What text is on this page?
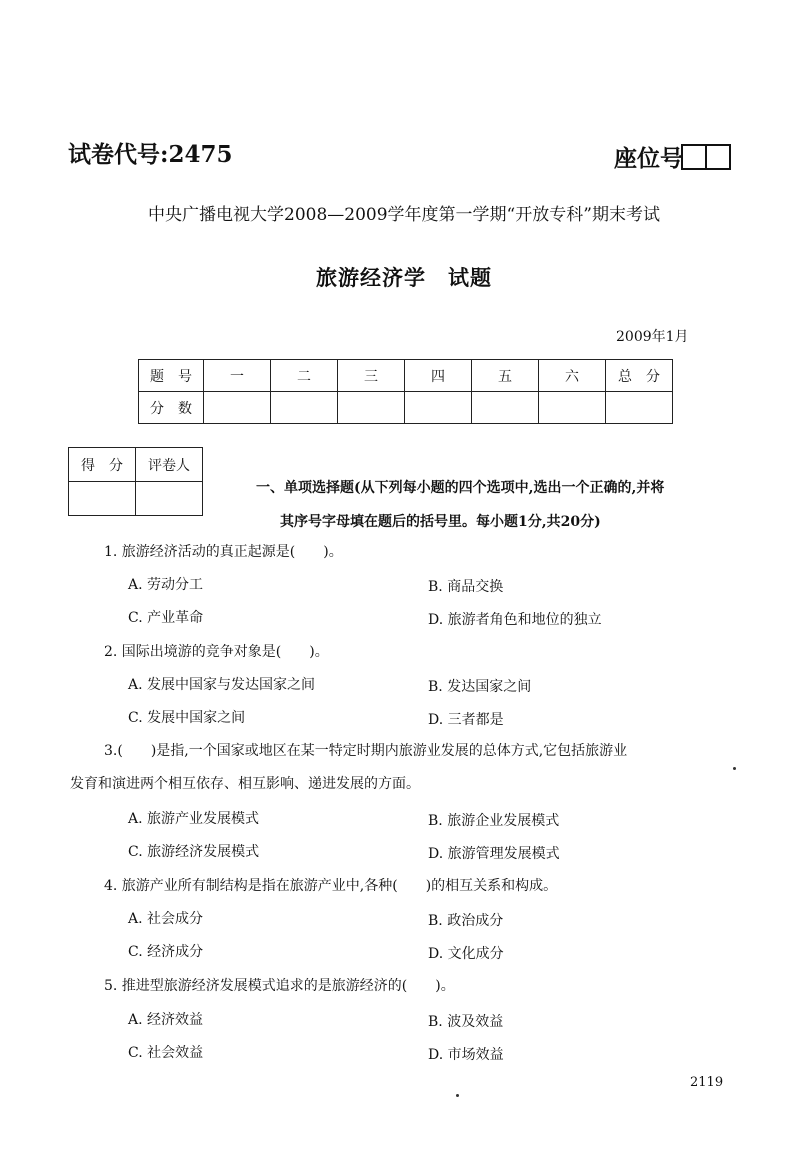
试卷代号:2475	座位号
中央广播电视大学2008—2009学年度第一学期“开放专科”期末考试
旅游经济学　试题
2009年1月
题　号	一	二	三	四	五	六	总　分
分　数							
得　分	评卷人

一、单项选择题(从下列每小题的四个选项中,选出一个正确的,并将
其序号字母填在题后的括号里。每小题1分,共20分)
1. 旅游经济活动的真正起源是(　　)。
A. 劳动分工	B. 商品交换
C. 产业革命	D. 旅游者角色和地位的独立
2. 国际出境游的竞争对象是(　　)。
A. 发展中国家与发达国家之间	B. 发达国家之间
C. 发展中国家之间	D. 三者都是
3.(　　)是指,一个国家或地区在某一特定时期内旅游业发展的总体方式,它包括旅游业
发育和演进两个相互依存、相互影响、递进发展的方面。
A. 旅游产业发展模式	B. 旅游企业发展模式
C. 旅游经济发展模式	D. 旅游管理发展模式
4. 旅游产业所有制结构是指在旅游产业中,各种(　　)的相互关系和构成。
A. 社会成分	B. 政治成分
C. 经济成分	D. 文化成分
5. 推进型旅游经济发展模式追求的是旅游经济的(　　)。
A. 经济效益	B. 波及效益
C. 社会效益	D. 市场效益
2119
